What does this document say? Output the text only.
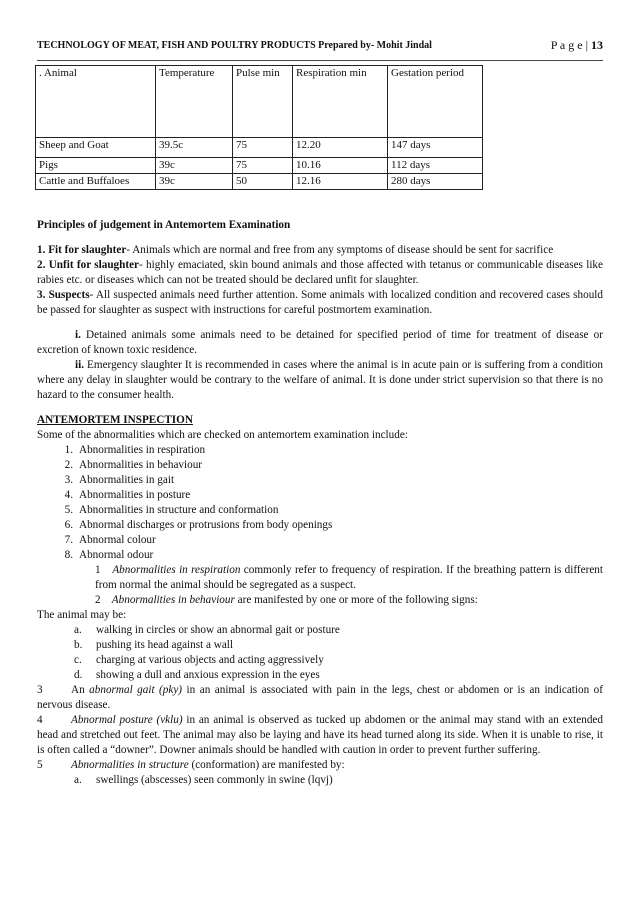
TECHNOLOGY OF MEAT, FISH AND POULTRY PRODUCTS Prepared by- Mohit Jindal	P a g e | 13
. Animal	Temperature	Pulse min	Respiration min	Gestation period
Sheep and Goat	39.5c	75	12.20	147 days
Pigs	39c	75	10.16	112 days
Cattle and Buffaloes	39c	50	12.16	280 days

Principles of judgement in Antemortem Examination

1. Fit for slaughter- Animals which are normal and free from any symptoms of disease should be sent for sacrifice

2. Unfit for slaughter- highly emaciated, skin bound animals and those affected with tetanus or communicable diseases like rabies etc. or diseases which can not be treated should be declared unfit for slaughter.

3. Suspects- All suspected animals need further attention. Some animals with localized condition and recovered cases should be passed for slaughter as suspect with instructions for careful postmortem examination.

i. Detained animals some animals need to be detained for specified period of time for treatment of disease or excretion of known toxic residence.

ii. Emergency slaughter It is recommended in cases where the animal is in acute pain or is suffering from a condition where any delay in slaughter would be contrary to the welfare of animal. It is done under strict supervision so that there is no hazard to the consumer health.

ANTEMORTEM INSPECTION

Some of the abnormalities which are checked on antemortem examination include:

1. Abnormalities in respiration

2. Abnormalities in behaviour

3. Abnormalities in gait

4. Abnormalities in posture

5. Abnormalities in structure and conformation

6. Abnormal discharges or protrusions from body openings

7. Abnormal colour

8. Abnormal odour

1 Abnormalities in respiration commonly refer to frequency of respiration. If the breathing pattern is different from normal the animal should be segregated as a suspect.

2 Abnormalities in behaviour are manifested by one or more of the following signs:

The animal may be:

a. walking in circles or show an abnormal gait or posture

b. pushing its head against a wall

c. charging at various objects and acting aggressively

d. showing a dull and anxious expression in the eyes

3	An abnormal gait (pky) in an animal is associated with pain in the legs, chest or abdomen or is an indication of nervous disease.

4	Abnormal posture (vklu) in an animal is observed as tucked up abdomen or the animal may stand with an extended head and stretched out feet. The animal may also be laying and have its head turned along its side. When it is unable to rise, it is often called a “downer”. Downer animals should be handled with caution in order to prevent further suffering.

5	Abnormalities in structure (conformation) are manifested by:

a. swellings (abscesses) seen commonly in swine (lqvj)
